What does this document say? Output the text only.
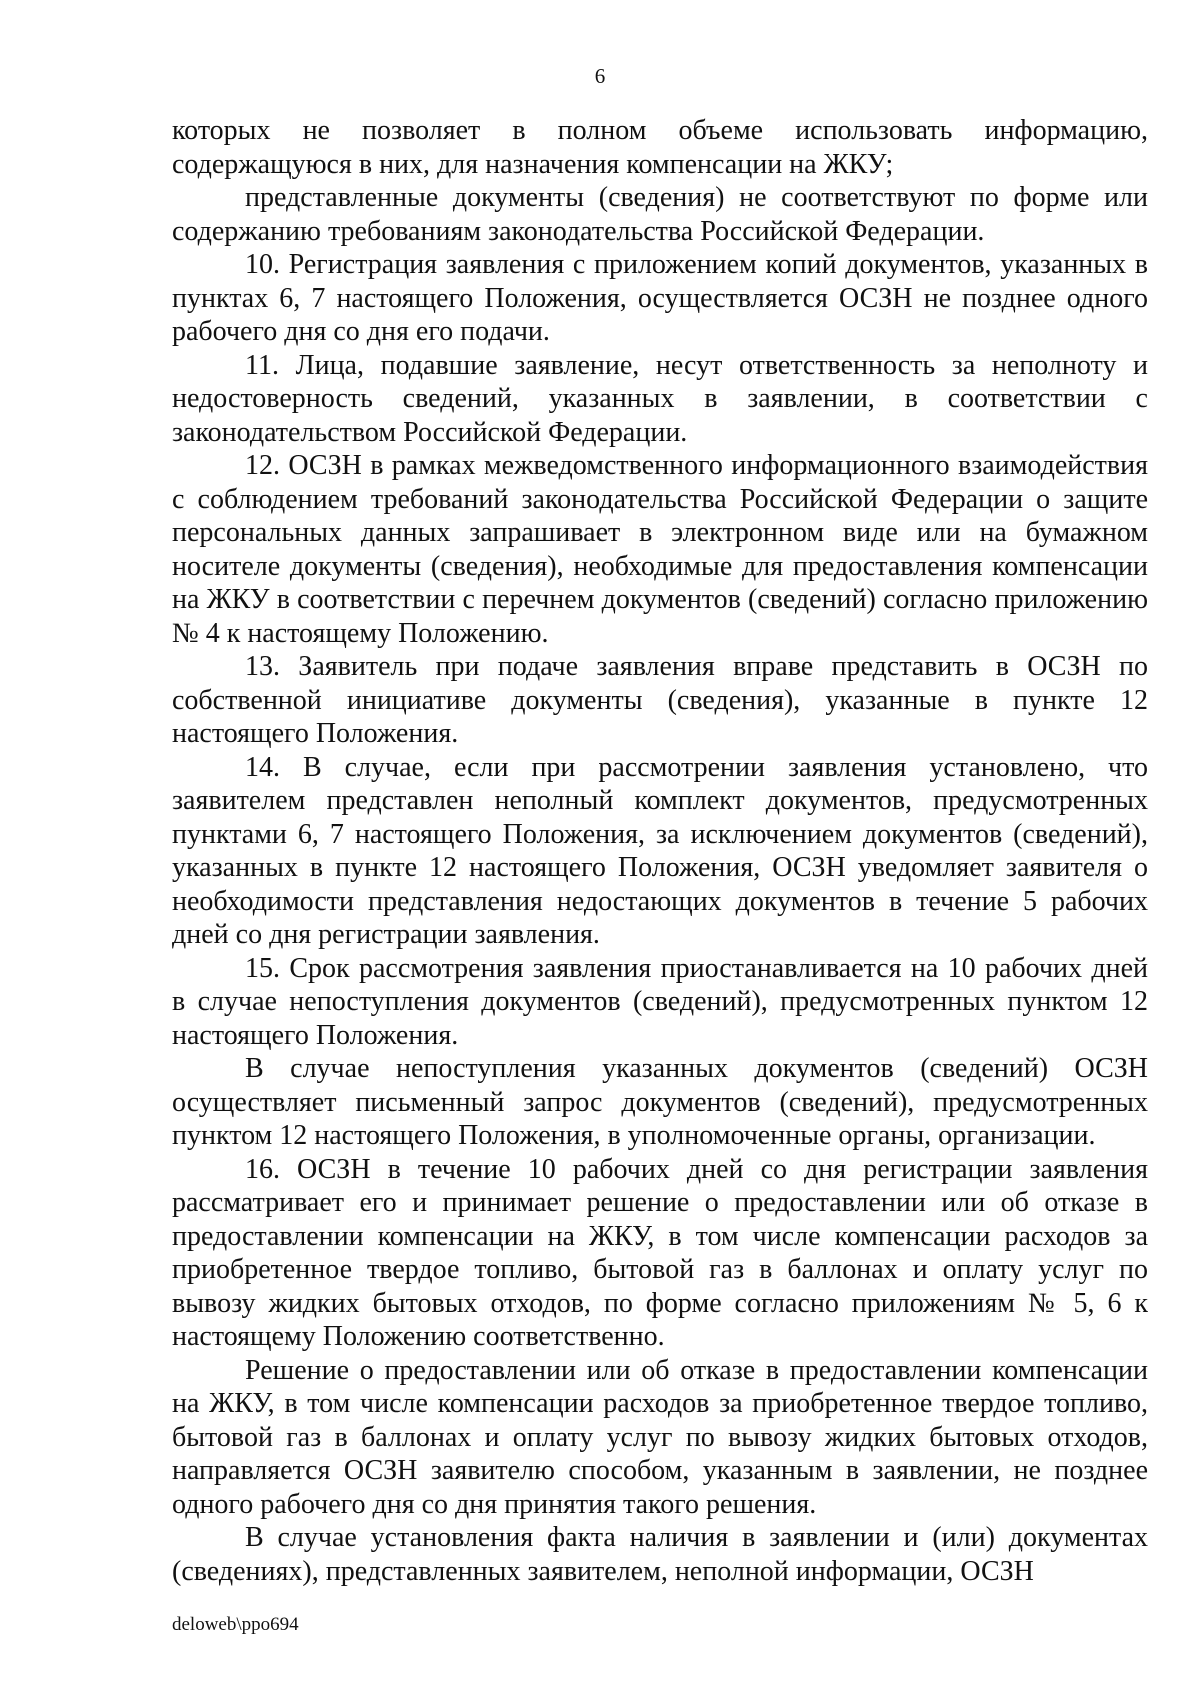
6

которых не позволяет в полном объеме использовать информацию, содержащуюся в них, для назначения компенсации на ЖКУ;

представленные документы (сведения) не соответствуют по форме или содержанию требованиям законодательства Российской Федерации.

10. Регистрация заявления с приложением копий документов, указанных в пунктах 6, 7 настоящего Положения, осуществляется ОСЗН не позднее одного рабочего дня со дня его подачи.

11. Лица, подавшие заявление, несут ответственность за неполноту и недостоверность сведений, указанных в заявлении, в соответствии с законодательством Российской Федерации.

12. ОСЗН в рамках межведомственного информационного взаимодействия с соблюдением требований законодательства Российской Федерации о защите персональных данных запрашивает в электронном виде или на бумажном носителе документы (сведения), необходимые для предоставления компенсации на ЖКУ в соответствии с перечнем документов (сведений) согласно приложению № 4 к настоящему Положению.

13. Заявитель при подаче заявления вправе представить в ОСЗН по собственной инициативе документы (сведения), указанные в пункте 12 настоящего Положения.

14. В случае, если при рассмотрении заявления установлено, что заявителем представлен неполный комплект документов, предусмотренных пунктами 6, 7 настоящего Положения, за исключением документов (сведений), указанных в пункте 12 настоящего Положения, ОСЗН уведомляет заявителя о необходимости представления недостающих документов в течение 5 рабочих дней со дня регистрации заявления.

15. Срок рассмотрения заявления приостанавливается на 10 рабочих дней в случае непоступления документов (сведений), предусмотренных пунктом 12 настоящего Положения.

В случае непоступления указанных документов (сведений) ОСЗН осуществляет письменный запрос документов (сведений), предусмотренных пунктом 12 настоящего Положения, в уполномоченные органы, организации.

16. ОСЗН в течение 10 рабочих дней со дня регистрации заявления рассматривает его и принимает решение о предоставлении или об отказе в предоставлении компенсации на ЖКУ, в том числе компенсации расходов за приобретенное твердое топливо, бытовой газ в баллонах и оплату услуг по вывозу жидких бытовых отходов, по форме согласно приложениям № 5, 6 к настоящему Положению соответственно.

Решение о предоставлении или об отказе в предоставлении компенсации на ЖКУ, в том числе компенсации расходов за приобретенное твердое топливо, бытовой газ в баллонах и оплату услуг по вывозу жидких бытовых отходов, направляется ОСЗН заявителю способом, указанным в заявлении, не позднее одного рабочего дня со дня принятия такого решения.

В случае установления факта наличия в заявлении и (или) документах (сведениях), представленных заявителем, неполной информации, ОСЗН

deloweb\ppo694
